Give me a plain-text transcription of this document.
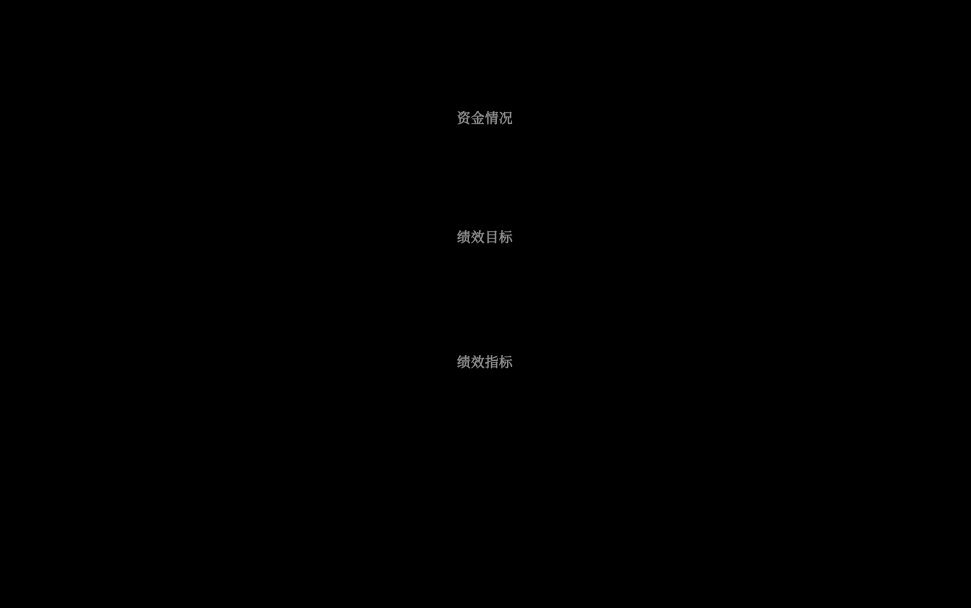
资金情况
绩效目标
绩效指标
